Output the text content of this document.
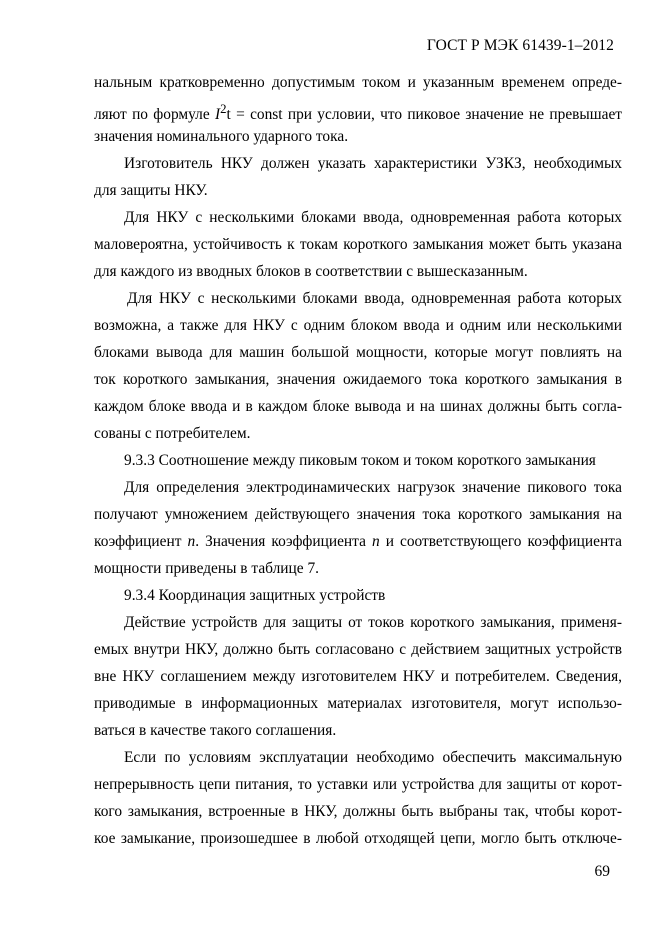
ГОСТ Р МЭК 61439-1–2012
нальным кратковременно допустимым током и указанным временем опреде-
ляют по формуле $I^2t$ = const при условии, что пиковое значение не превышает
значения номинального ударного тока.
Изготовитель НКУ должен указать характеристики УЗКЗ, необходимых
для защиты НКУ.
Для НКУ с несколькими блоками ввода, одновременная работа которых
маловероятна, устойчивость к токам короткого замыкания может быть указана
для каждого из вводных блоков в соответствии с вышесказанным.
Для НКУ с несколькими блоками ввода, одновременная работа которых
возможна, а также для НКУ с одним блоком ввода и одним или несколькими
блоками вывода для машин большой мощности, которые могут повлиять на
ток короткого замыкания, значения ожидаемого тока короткого замыкания в
каждом блоке ввода и в каждом блоке вывода и на шинах должны быть согла-
сованы с потребителем.
9.3.3 Соотношение между пиковым током и током короткого замыкания
Для определения электродинамических нагрузок значение пикового тока
получают умножением действующего значения тока короткого замыкания на
коэффициент n. Значения коэффициента n и соответствующего коэффициента
мощности приведены в таблице 7.
9.3.4 Координация защитных устройств
Действие устройств для защиты от токов короткого замыкания, применя-
емых внутри НКУ, должно быть согласовано с действием защитных устройств
вне НКУ соглашением между изготовителем НКУ и потребителем. Сведения,
приводимые в информационных материалах изготовителя, могут использо-
ваться в качестве такого соглашения.
Если по условиям эксплуатации необходимо обеспечить максимальную
непрерывность цепи питания, то уставки или устройства для защиты от корот-
кого замыкания, встроенные в НКУ, должны быть выбраны так, чтобы корот-
кое замыкание, произошедшее в любой отходящей цепи, могло быть отключе-
69
